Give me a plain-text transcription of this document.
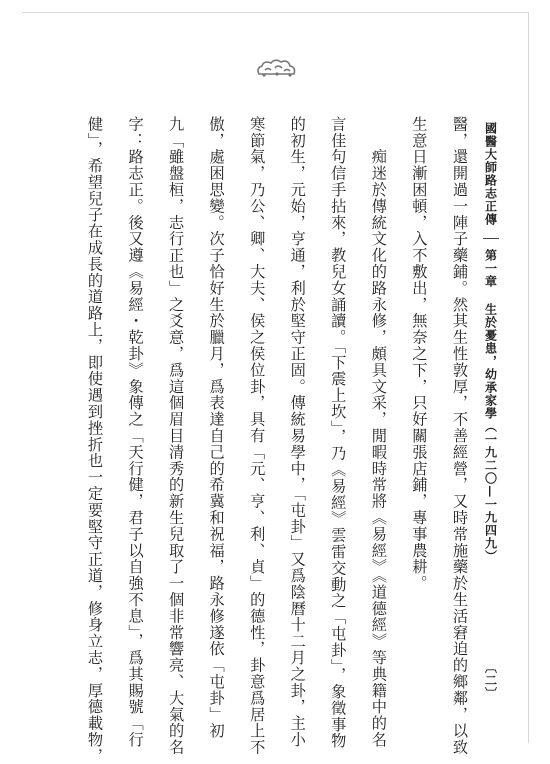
醫，還開過一陣子藥鋪。然其生性敦厚，不善經營，又時常施藥於生活窘迫的鄉鄰，以致
生意日漸困頓，入不敷出，無奈之下，只好關張店鋪，專事農耕。
　　痴迷於傳統文化的路永修，頗具文采，閒暇時常將《易經》《道德經》等典籍中的名
言佳句信手拈來，教兒女誦讀。「下震上坎」，乃《易經》雲雷交動之「屯卦」，象徵事物
的初生，元始，亨通，利於堅守正固。傳統易學中，「屯卦」又爲陰曆十二月之卦，主小
寒節氣，乃公、卿、大夫、侯之侯位卦，具有「元、亨、利、貞」的德性，卦意爲居上不
傲，處困思變。次子恰好生於臘月，爲表達自己的希冀和祝福，路永修遂依「屯卦」初
九「雖盤桓，志行正也」之爻意，爲這個眉目清秀的新生兒取了一個非常響亮、大氣的名
字：路志正。後又遵《易經・乾卦》象傳之「天行健，君子以自強不息」，爲其賜號「行
健」，希望兒子在成長的道路上，即使遇到挫折也一定要堅守正道，修身立志，厚德載物，	國醫大師路志正傳
第一章 生於憂患，幼承家學（一九二〇—一九四九）
〔二〕
